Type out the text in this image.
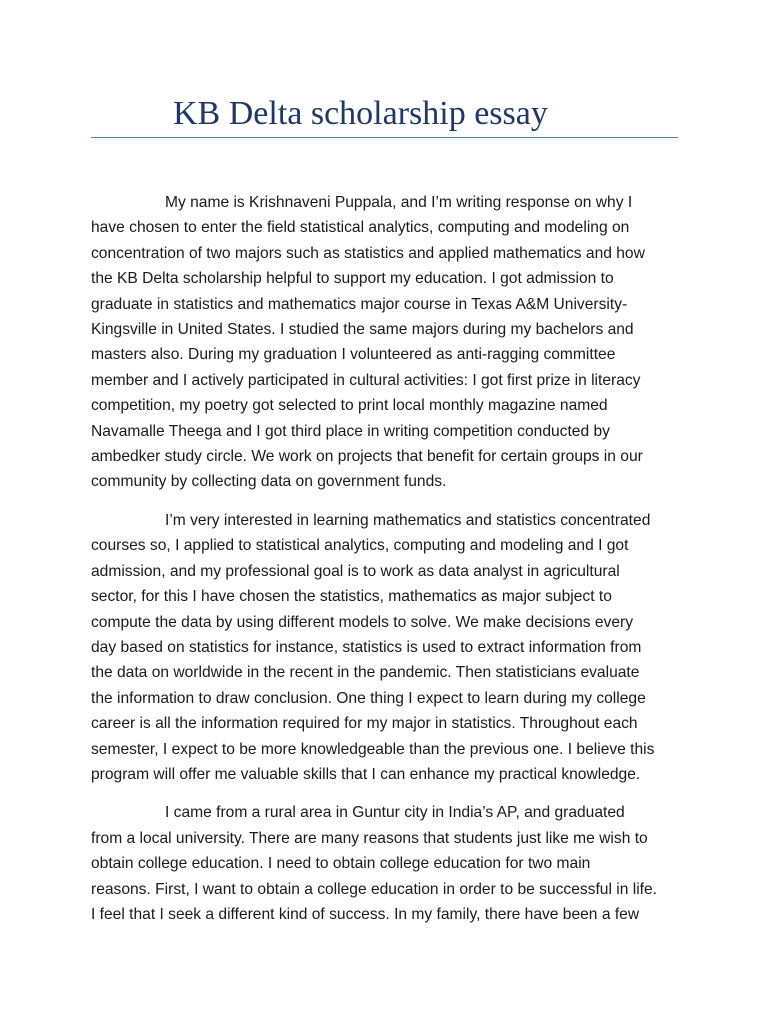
KB Delta scholarship essay
My name is Krishnaveni Puppala, and I’m writing response on why I
have chosen to enter the field statistical analytics, computing and modeling on
concentration of two majors such as statistics and applied mathematics and how
the KB Delta scholarship helpful to support my education. I got admission to
graduate in statistics and mathematics major course in Texas A&M University-
Kingsville in United States. I studied the same majors during my bachelors and
masters also. During my graduation I volunteered as anti-ragging committee
member and I actively participated in cultural activities: I got first prize in literacy
competition, my poetry got selected to print local monthly magazine named
Navamalle Theega and I got third place in writing competition conducted by
ambedker study circle. We work on projects that benefit for certain groups in our
community by collecting data on government funds.
I’m very interested in learning mathematics and statistics concentrated
courses so, I applied to statistical analytics, computing and modeling and I got
admission, and my professional goal is to work as data analyst in agricultural
sector, for this I have chosen the statistics, mathematics as major subject to
compute the data by using different models to solve. We make decisions every
day based on statistics for instance, statistics is used to extract information from
the data on worldwide in the recent in the pandemic. Then statisticians evaluate
the information to draw conclusion. One thing I expect to learn during my college
career is all the information required for my major in statistics. Throughout each
semester, I expect to be more knowledgeable than the previous one. I believe this
program will offer me valuable skills that I can enhance my practical knowledge.
I came from a rural area in Guntur city in India’s AP, and graduated
from a local university. There are many reasons that students just like me wish to
obtain college education. I need to obtain college education for two main
reasons. First, I want to obtain a college education in order to be successful in life.
I feel that I seek a different kind of success. In my family, there have been a few
